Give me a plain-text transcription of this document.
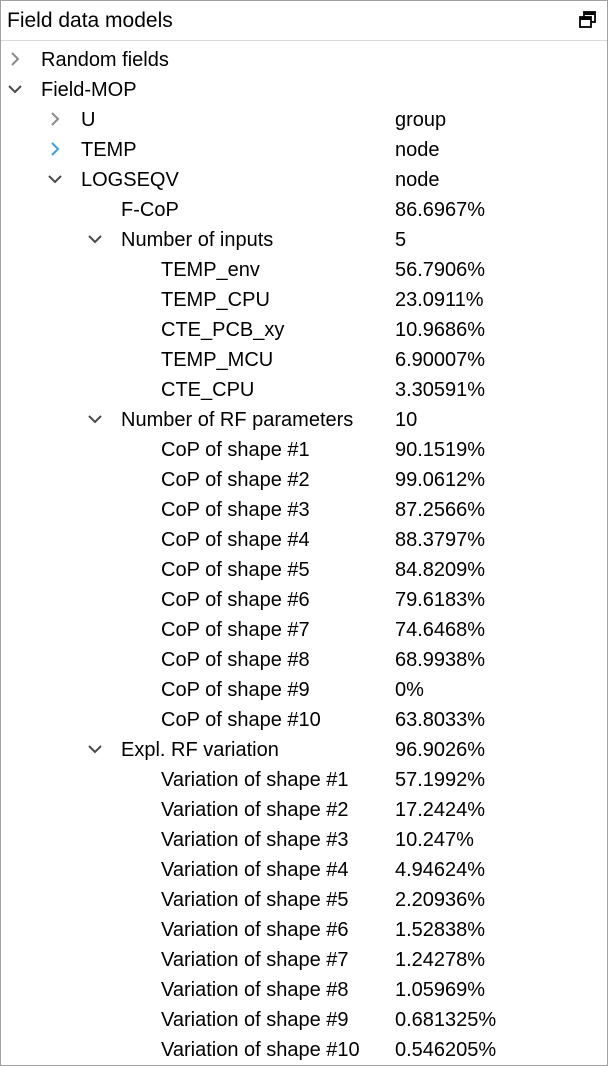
Field data models
Random fields
Field-MOP
U	group
TEMP	node
LOGSEQV	node
F-CoP	86.6967%
Number of inputs	5
TEMP_env	56.7906%
TEMP_CPU	23.0911%
CTE_PCB_xy	10.9686%
TEMP_MCU	6.90007%
CTE_CPU	3.30591%
Number of RF parameters 10
CoP of shape #1	90.1519%
CoP of shape #2	99.0612%
CoP of shape #3	87.2566%
CoP of shape #4	88.3797%
CoP of shape #5	84.8209%
CoP of shape #6	79.6183%
CoP of shape #7	74.6468%
CoP of shape #8	68.9938%
CoP of shape #9	0%
CoP of shape #10	63.8033%
Expl. RF variation	96.9026%
Variation of shape #1 57.1992%
Variation of shape #2 17.2424%
Variation of shape #3 10.247%
Variation of shape #4 4.94624%
Variation of shape #5 2.20936%
Variation of shape #6 1.52838%
Variation of shape #7 1.24278%
Variation of shape #8 1.05969%
Variation of shape #9 0.681325%
Variation of shape #10 0.546205%
